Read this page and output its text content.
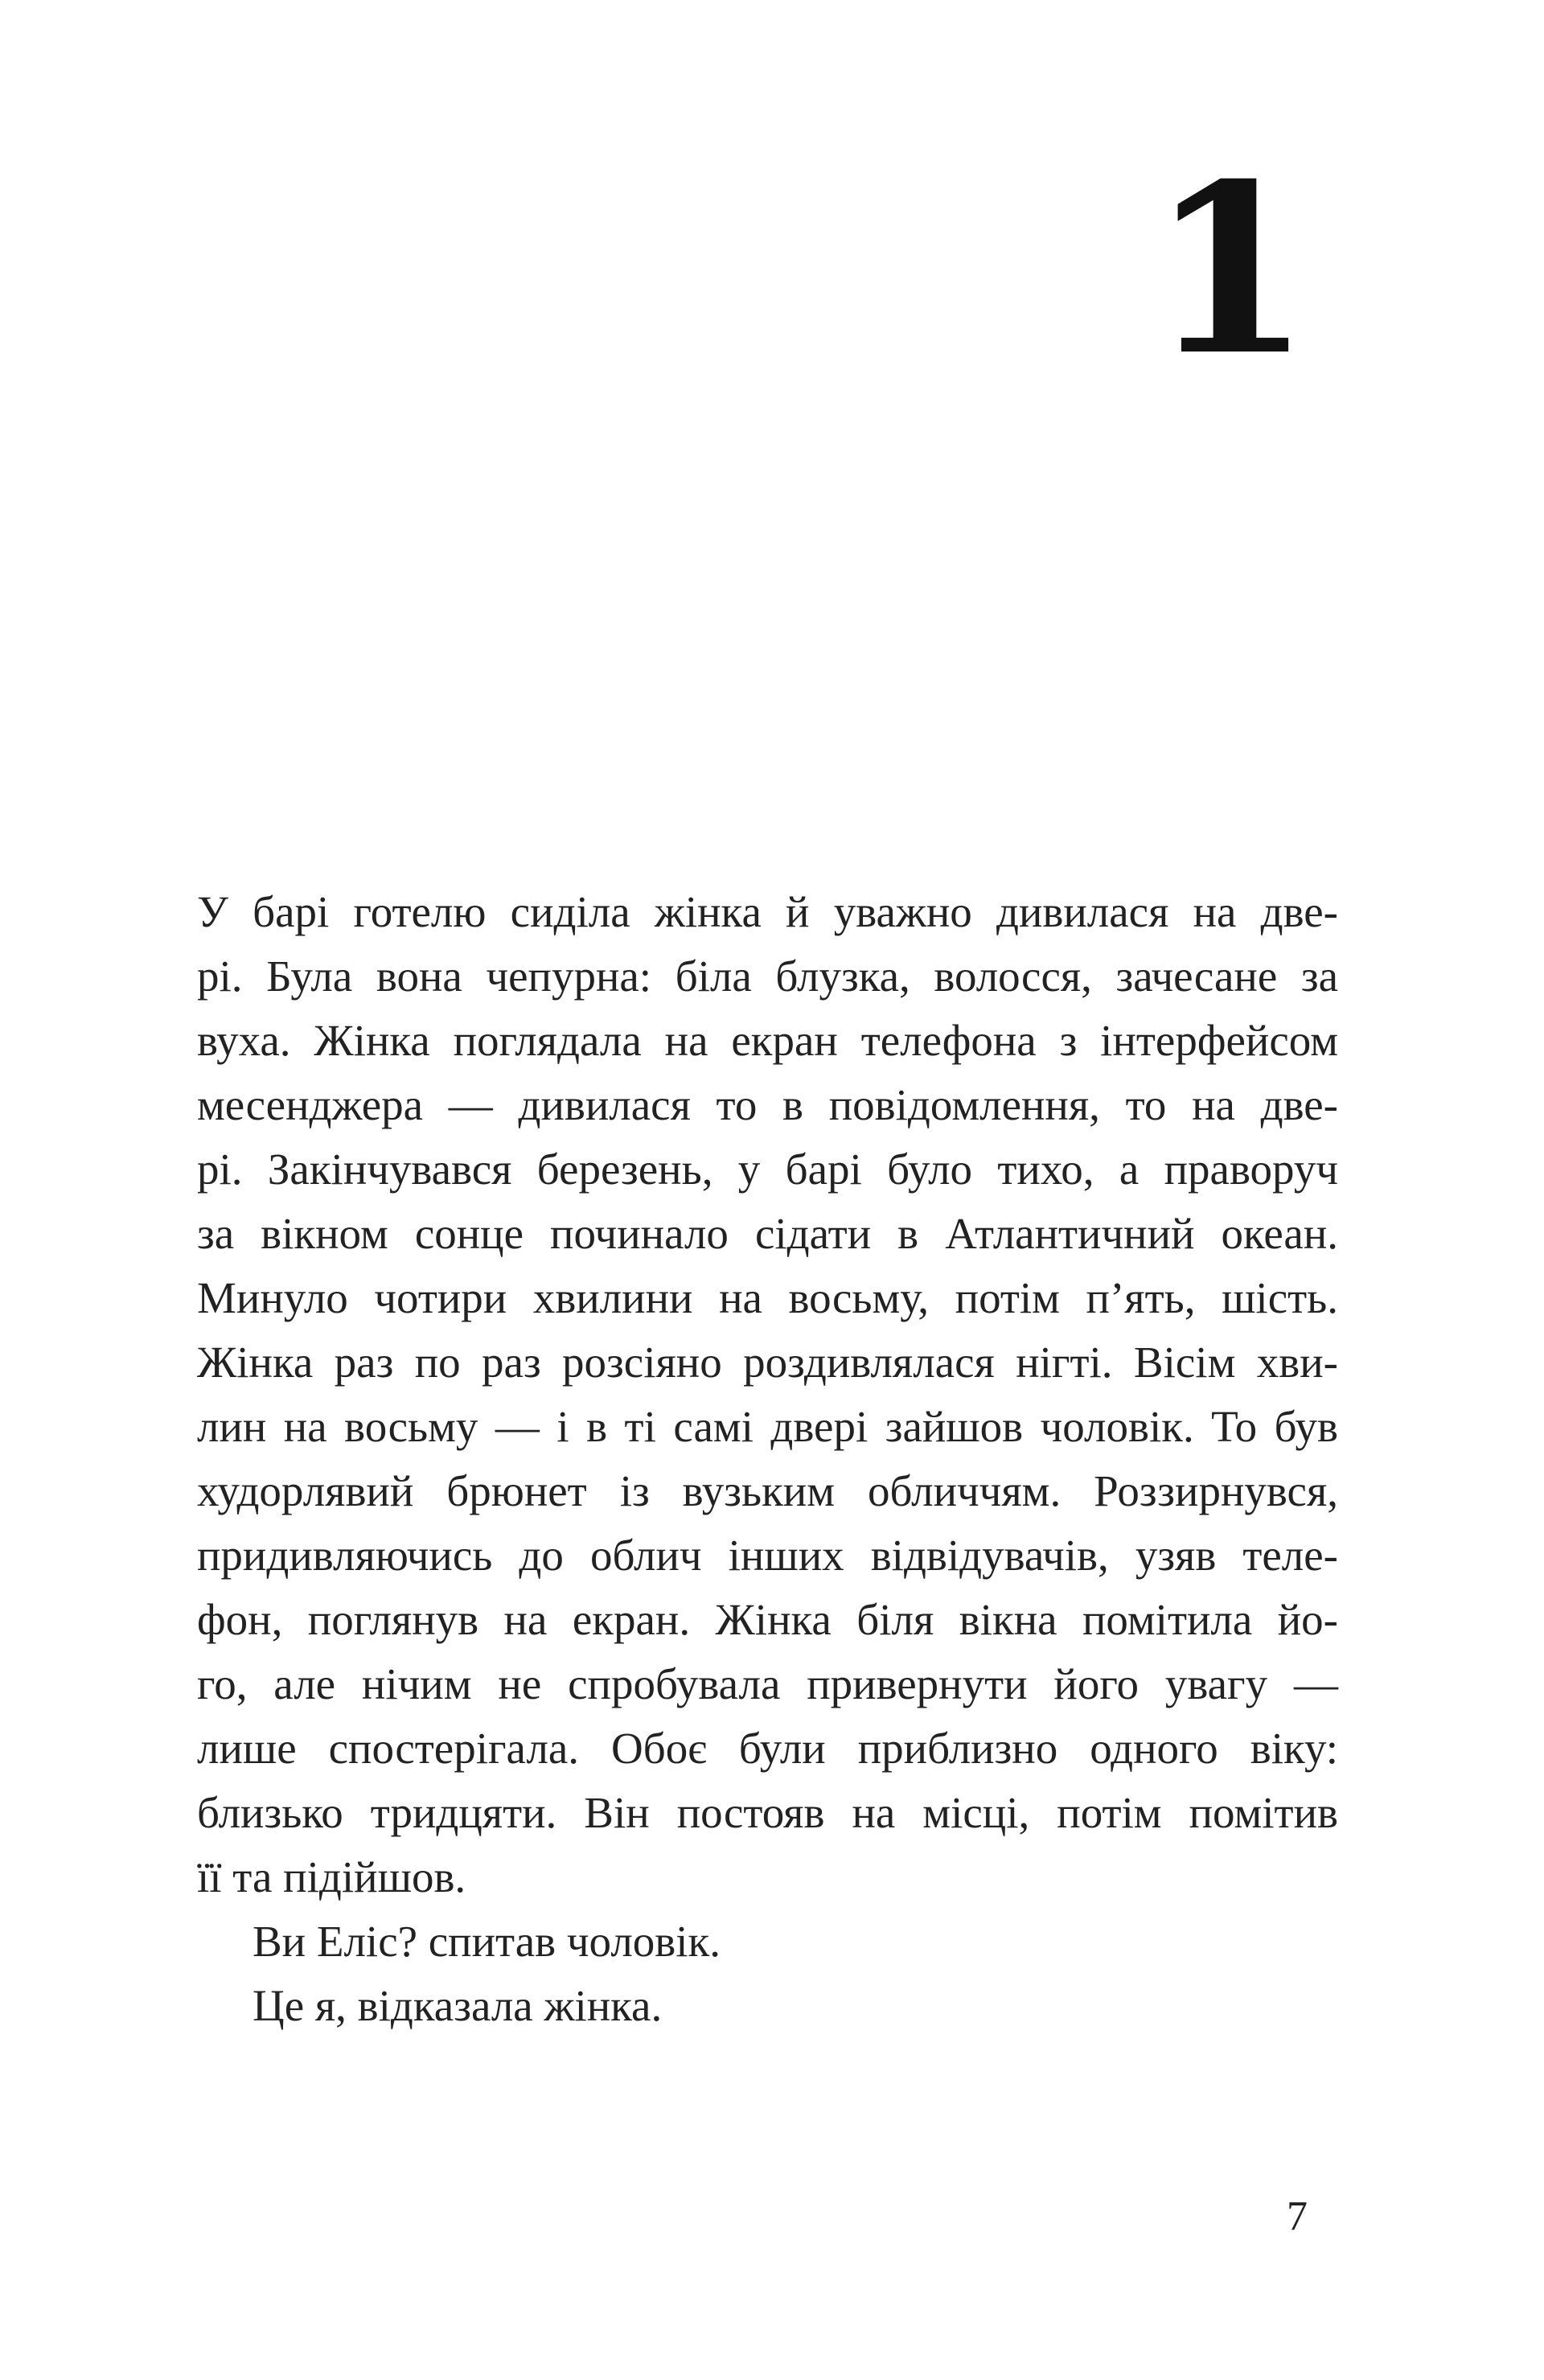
1

У барі готелю сиділа жінка й уважно дивилася на две-

рі. Була вона чепурна: біла блузка, волосся, зачесане за

вуха. Жінка поглядала на екран телефона з інтерфейсом

месенджера — дивилася то в повідомлення, то на две-

рі. Закінчувався березень, у барі було тихо, а праворуч

за вікном сонце починало сідати в Атлантичний океан.

Минуло чотири хвилини на восьму, потім п’ять, шість.

Жінка раз по раз розсіяно роздивлялася нігті. Вісім хви-

лин на восьму — і в ті самі двері зайшов чоловік. То був

худорлявий брюнет із вузьким обличчям. Роззирнувся,

придивляючись до облич інших відвідувачів, узяв теле-

фон, поглянув на екран. Жінка біля вікна помітила йо-

го, але нічим не спробувала привернути його увагу —

лише спостерігала. Обоє були приблизно одного віку:

близько тридцяти. Він постояв на місці, потім помітив

її та підійшов.

Ви Еліс? спитав чоловік.

Це я, відказала жінка.

7
